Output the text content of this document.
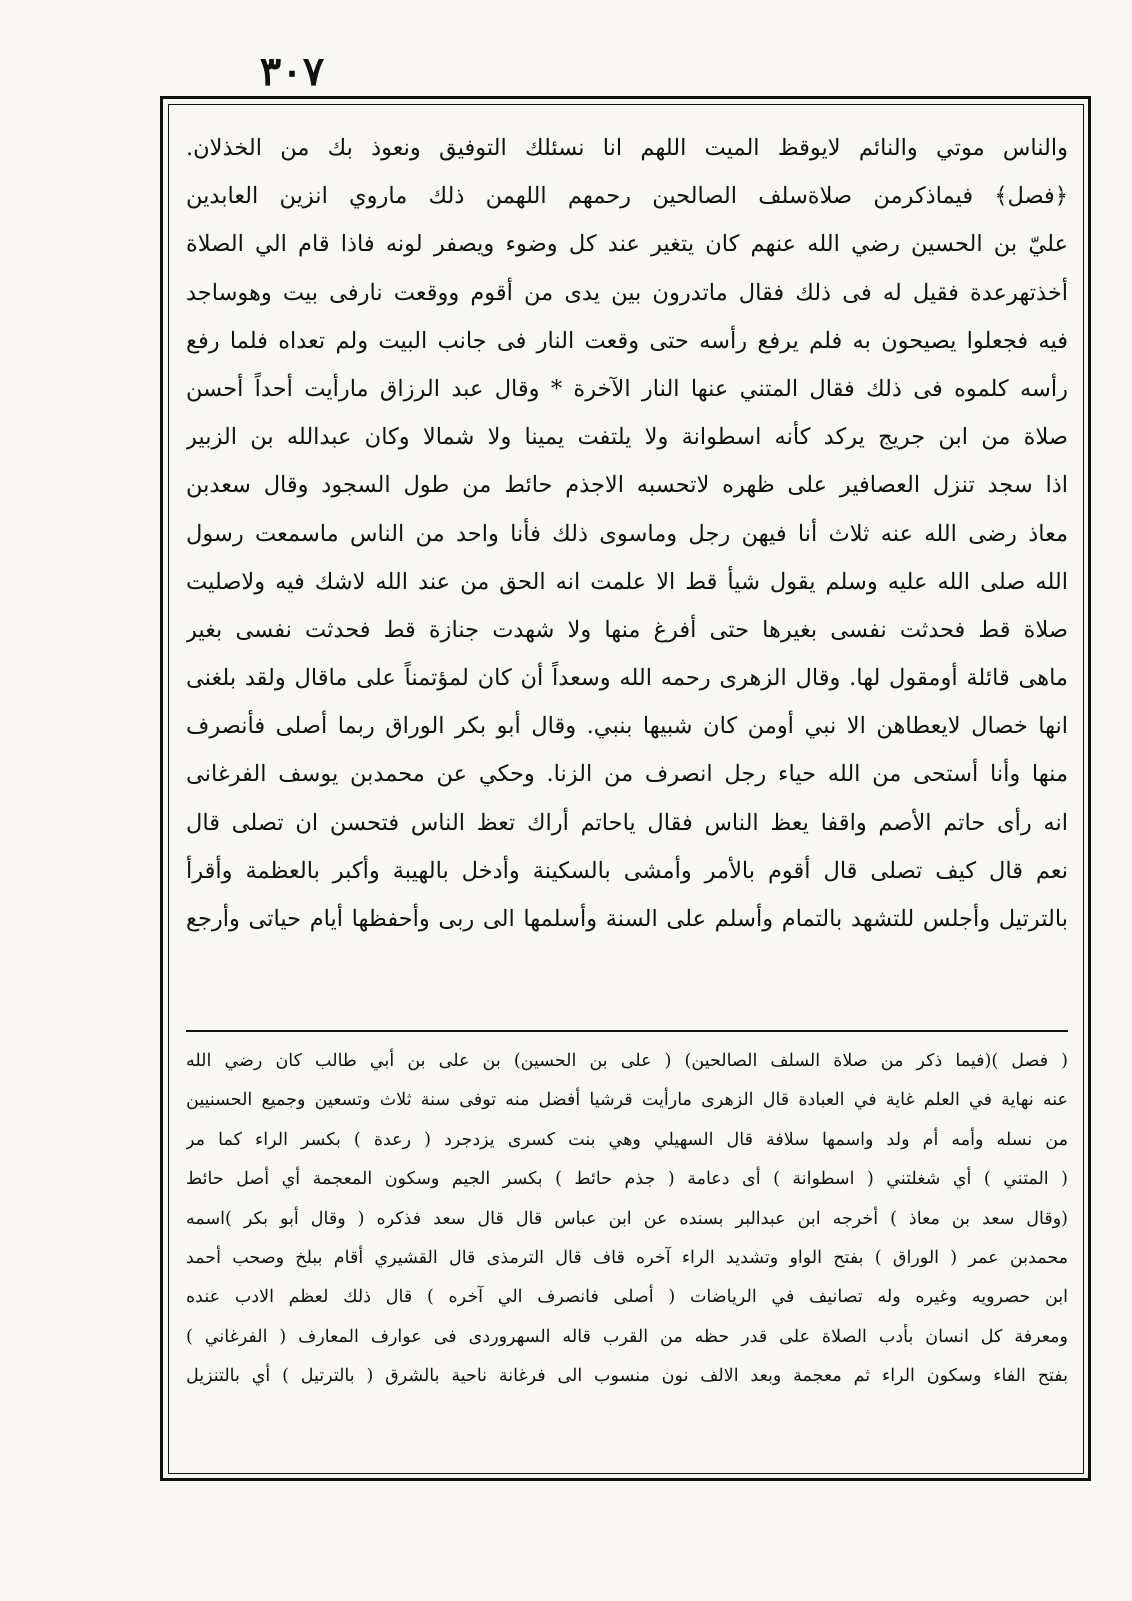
٣٠٧
والناس موتي والنائم لايوقظ الميت اللهم انا نسئلك التوفيق ونعوذ بك من الخذلان.
﴿فصل﴾ فيماذكرمن صلاةسلف الصالحين رحمهم اللهمن ذلك ماروي انزين العابدين
عليّ بن الحسين رضي الله عنهم كان يتغير عند كل وضوء ويصفر لونه فاذا قام الي الصلاة
أخذتهرعدة فقيل له فى ذلك فقال ماتدرون بين يدى من أقوم ووقعت نارفى بيت وهوساجد
فيه فجعلوا يصيحون به فلم يرفع رأسه حتى وقعت النار فى جانب البيت ولم تعداه فلما رفع
رأسه كلموه فى ذلك فقال المتني عنها النار الآخرة * وقال عبد الرزاق مارأيت أحداً أحسن
صلاة من ابن جريج يركد كأنه اسطوانة ولا يلتفت يمينا ولا شمالا وكان عبدالله بن الزبير
اذا سجد تنزل العصافير على ظهره لاتحسبه الاجذم حائط من طول السجود وقال سعدبن
معاذ رضى الله عنه ثلاث أنا فيهن رجل وماسوى ذلك فأنا واحد من الناس ماسمعت رسول
الله صلى الله عليه وسلم يقول شيأ قط الا علمت انه الحق من عند الله لاشك فيه ولاصليت
صلاة قط فحدثت نفسى بغيرها حتى أفرغ منها ولا شهدت جنازة قط فحدثت نفسى بغير
ماهى قائلة أومقول لها. وقال الزهرى رحمه الله وسعداً أن كان لمؤتمناً على ماقال ولقد بلغنى
انها خصال لايعطاهن الا نبي أومن كان شبيها بنبي. وقال أبو بكر الوراق ربما أصلى فأنصرف
منها وأنا أستحى من الله حياء رجل انصرف من الزنا. وحكي عن محمدبن يوسف الفرغانى
انه رأى حاتم الأصم واقفا يعظ الناس فقال ياحاتم أراك تعظ الناس فتحسن ان تصلى قال
نعم قال كيف تصلى قال أقوم بالأمر وأمشى بالسكينة وأدخل بالهيبة وأكبر بالعظمة وأقرأ
بالترتيل وأجلس للتشهد بالتمام وأسلم على السنة وأسلمها الى ربى وأحفظها أيام حياتى وأرجع
( فصل )(فيما ذكر من صلاة السلف الصالحين) ( على بن الحسين) بن على بن أبي طالب كان رضي الله
عنه نهاية في العلم غاية في العبادة قال الزهرى مارأيت قرشيا أفضل منه توفى سنة ثلاث وتسعين وجميع الحسنيين
من نسله وأمه أم ولد واسمها سلافة قال السهيلي وهي بنت كسرى يزدجرد ( رعدة ) بكسر الراء كما مر
( المتني ) أي شغلتني ( اسطوانة ) أى دعامة ( جذم حائط ) بكسر الجيم وسكون المعجمة أي أصل حائط
(وقال سعد بن معاذ ) أخرجه ابن عبدالبر بسنده عن ابن عباس قال قال سعد فذكره ( وقال أبو بكر )اسمه
محمدبن عمر ( الوراق ) بفتح الواو وتشديد الراء آخره قاف قال الترمذى قال القشيري أقام ببلخ وصحب أحمد
ابن حصرويه وغيره وله تصانيف في الرياضات ( أصلى فانصرف الي آخره ) قال ذلك لعظم الادب عنده
ومعرفة كل انسان بأدب الصلاة على قدر حظه من القرب قاله السهروردى فى عوارف المعارف ( الفرغاني )
بفتح الفاء وسكون الراء ثم معجمة وبعد الالف نون منسوب الى فرغانة ناحية بالشرق ( بالترتيل ) أي بالتنزيل
